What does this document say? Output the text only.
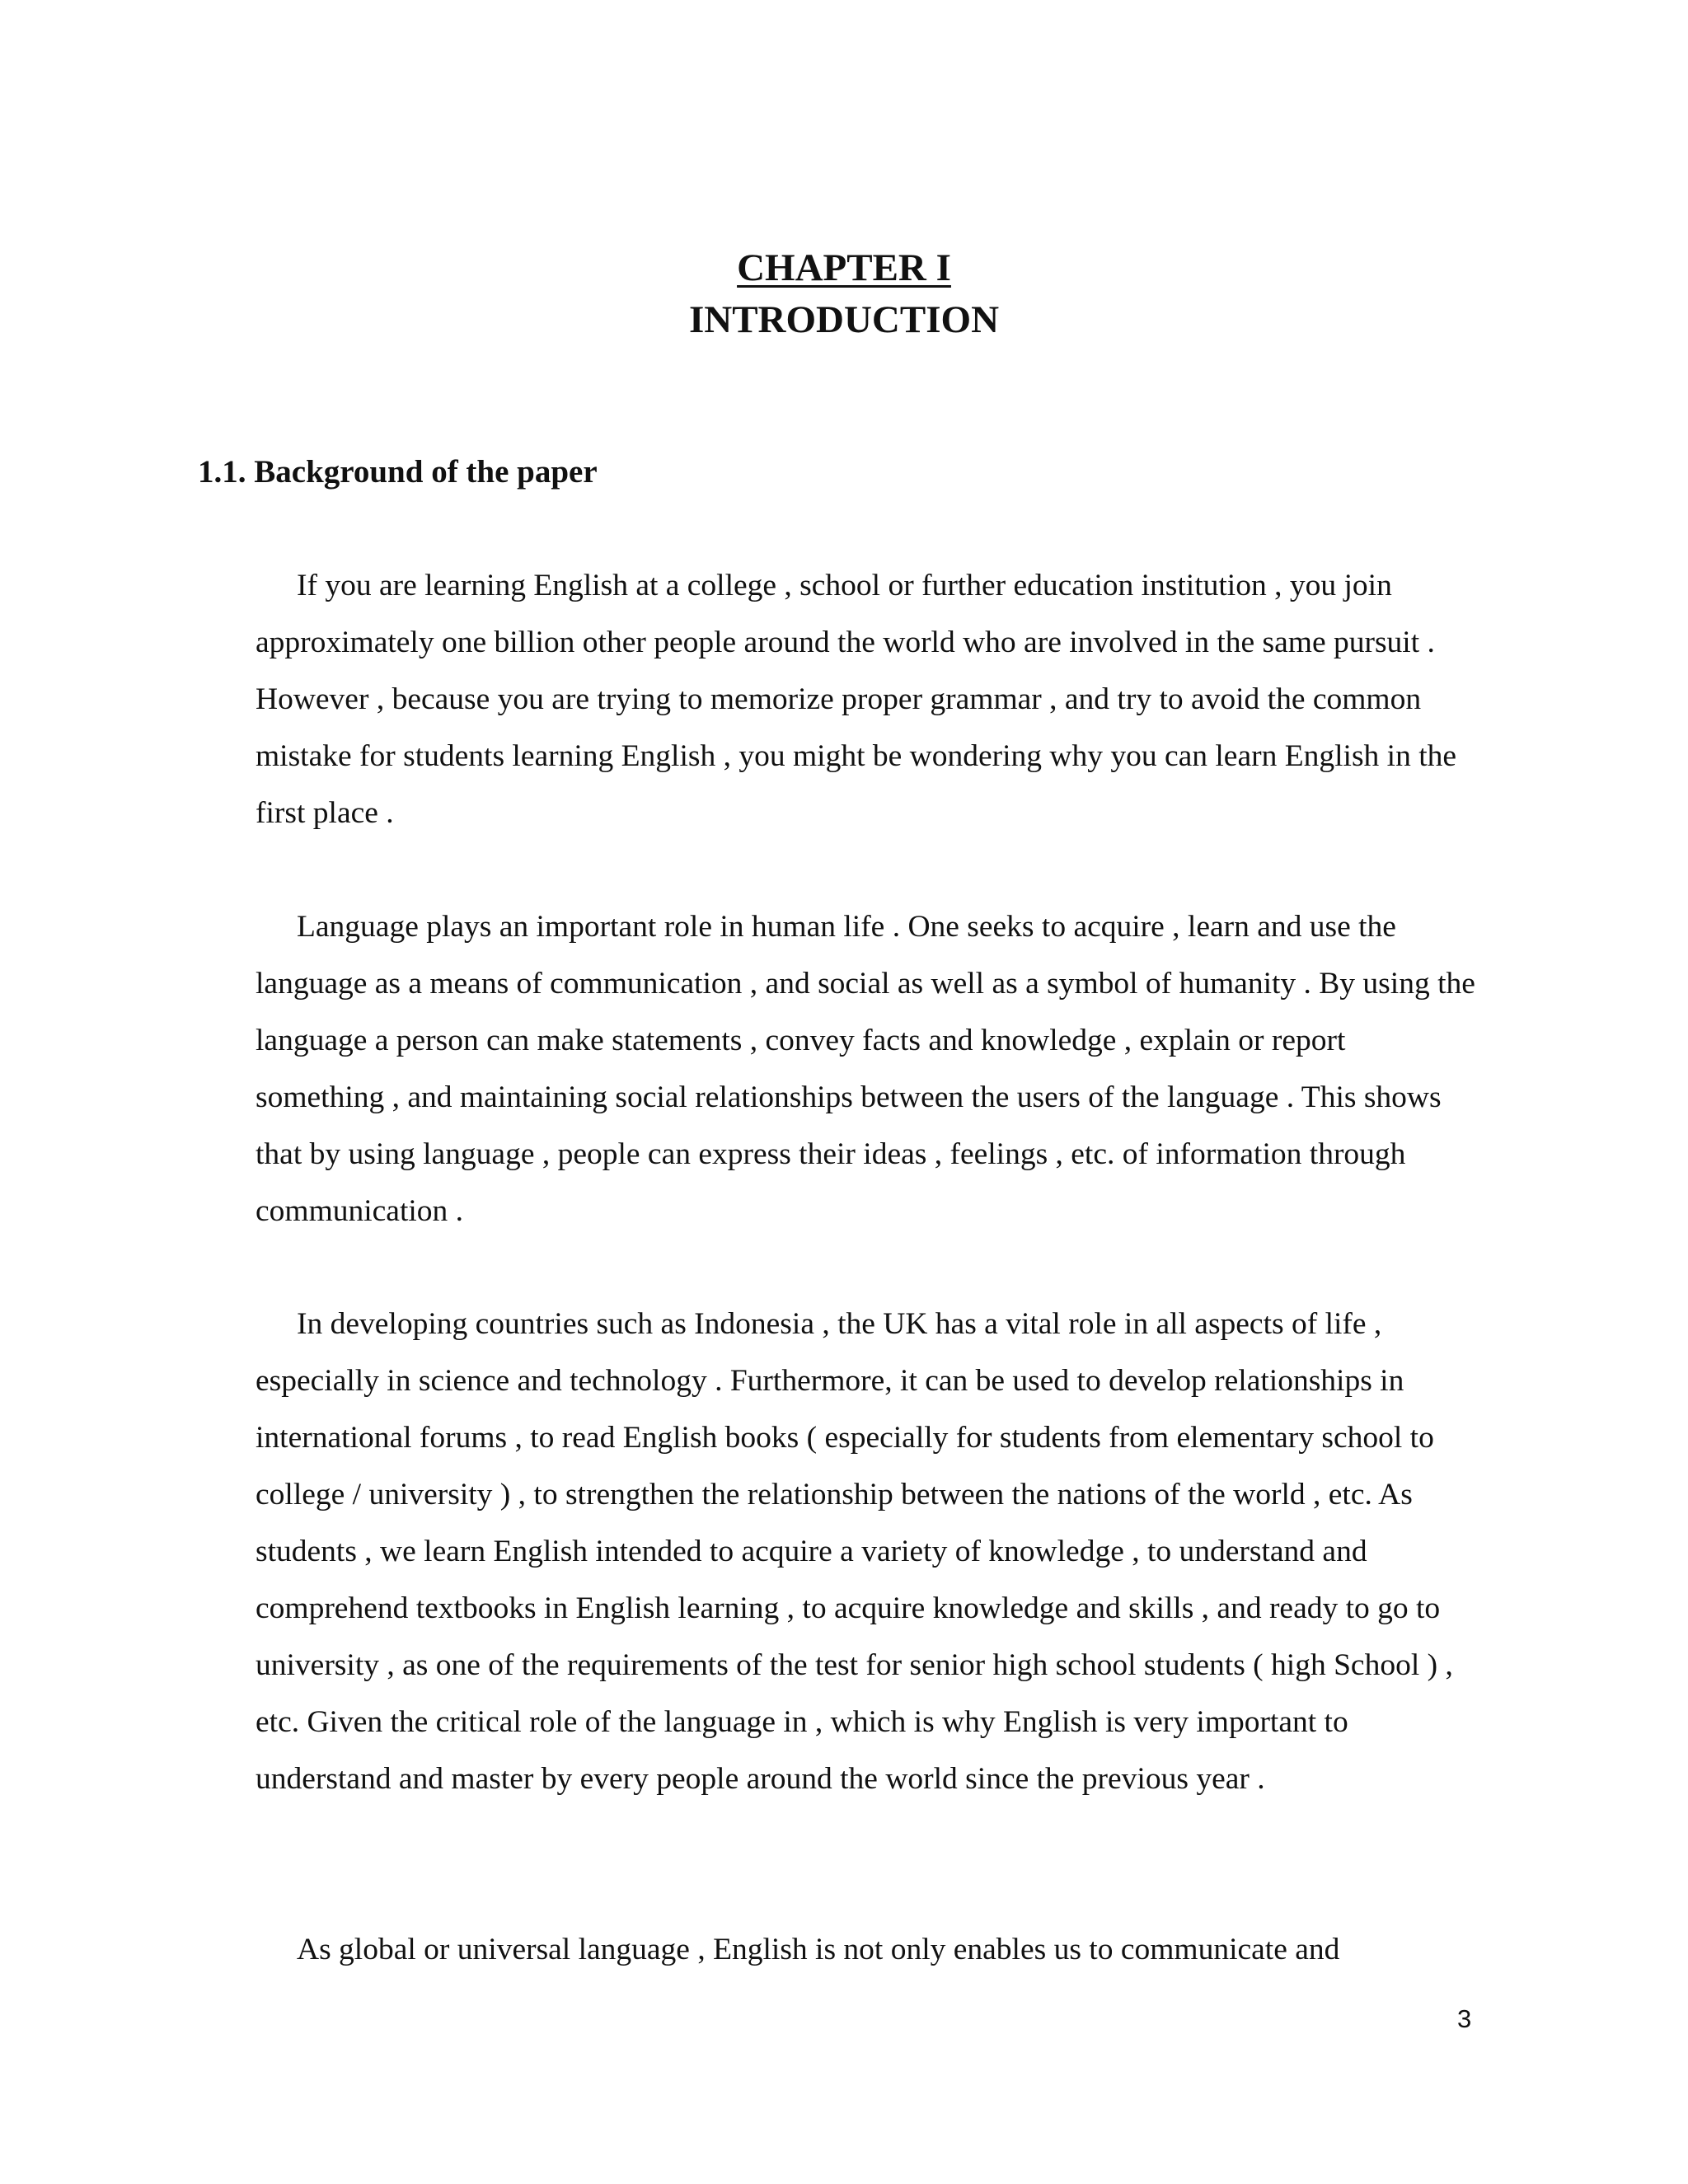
CHAPTER I
INTRODUCTION
1.1. Background of the paper

If you are learning English at a college , school or further education institution , you join approximately one billion other people around the world who are involved in the same pursuit . However , because you are trying to memorize proper grammar , and try to avoid the common mistake for students learning English , you might be wondering why you can learn English in the first place .

Language plays an important role in human life . One seeks to acquire , learn and use the language as a means of communication , and social as well as a symbol of humanity . By using the language a person can make statements , convey facts and knowledge , explain or report something , and maintaining social relationships between the users of the language . This shows that by using language , people can express their ideas , feelings , etc. of information through communication .

In developing countries such as Indonesia , the UK has a vital role in all aspects of life , especially in science and technology . Furthermore, it can be used to develop relationships in international forums , to read English books ( especially for students from elementary school to college / university ) , to strengthen the relationship between the nations of the world , etc. As students , we learn English intended to acquire a variety of knowledge , to understand and comprehend textbooks in English learning , to acquire knowledge and skills , and ready to go to university , as one of the requirements of the test for senior high school students ( high School ) , etc. Given the critical role of the language in , which is why English is very important to understand and master by every people around the world since the previous year .

As global or universal language , English is not only enables us to communicate and

3
